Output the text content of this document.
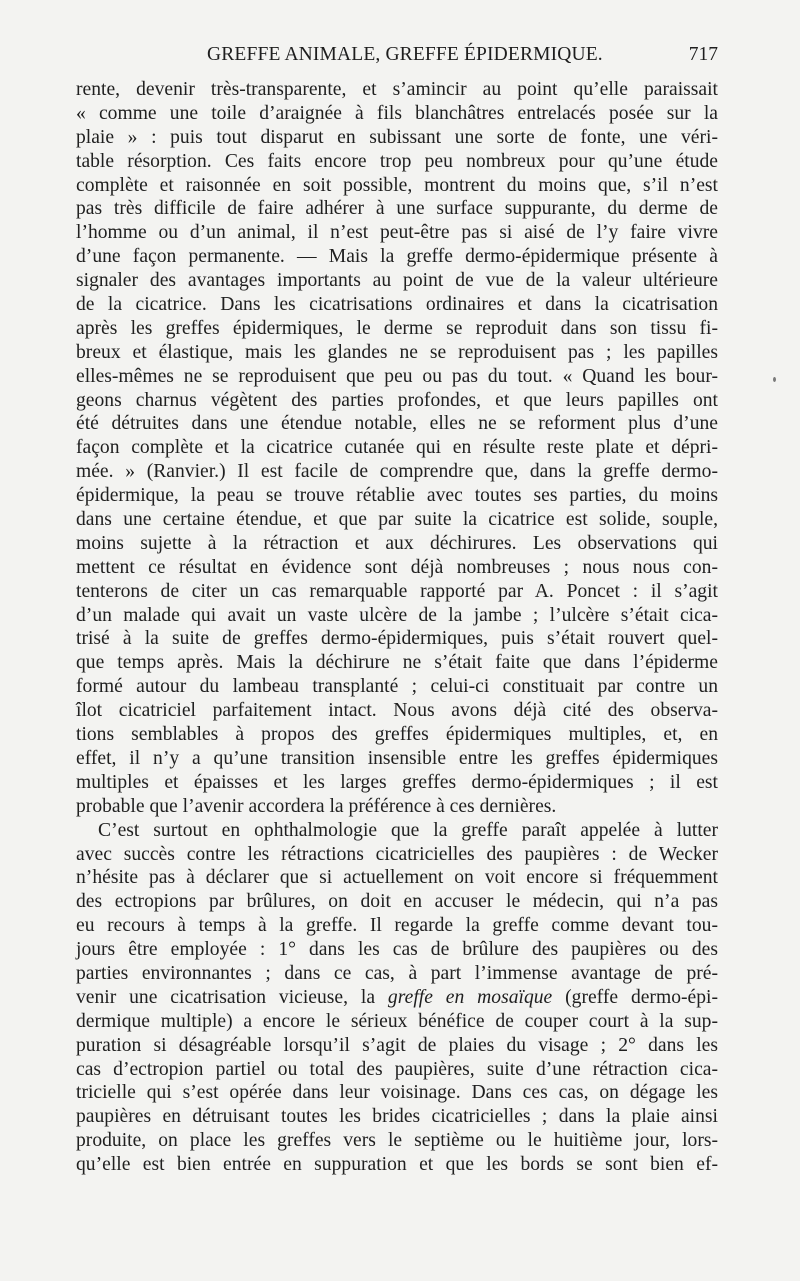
GREFFE ANIMALE, GREFFE ÉPIDERMIQUE.	717
rente, devenir très-transparente, et s’amincir au point qu’elle paraissait
« comme une toile d’araignée à fils blanchâtres entrelacés posée sur la
plaie » : puis tout disparut en subissant une sorte de fonte, une véri-
table résorption. Ces faits encore trop peu nombreux pour qu’une étude
complète et raisonnée en soit possible, montrent du moins que, s’il n’est
pas très difficile de faire adhérer à une surface suppurante, du derme de
l’homme ou d’un animal, il n’est peut-être pas si aisé de l’y faire vivre
d’une façon permanente. — Mais la greffe dermo-épidermique présente à
signaler des avantages importants au point de vue de la valeur ultérieure
de la cicatrice. Dans les cicatrisations ordinaires et dans la cicatrisation
après les greffes épidermiques, le derme se reproduit dans son tissu fi-
breux et élastique, mais les glandes ne se reproduisent pas ; les papilles
elles-mêmes ne se reproduisent que peu ou pas du tout. « Quand les bour-
geons charnus végètent des parties profondes, et que leurs papilles ont
été détruites dans une étendue notable, elles ne se reforment plus d’une
façon complète et la cicatrice cutanée qui en résulte reste plate et dépri-
mée. » (Ranvier.) Il est facile de comprendre que, dans la greffe dermo-
épidermique, la peau se trouve rétablie avec toutes ses parties, du moins
dans une certaine étendue, et que par suite la cicatrice est solide, souple,
moins sujette à la rétraction et aux déchirures. Les observations qui
mettent ce résultat en évidence sont déjà nombreuses ; nous nous con-
tenterons de citer un cas remarquable rapporté par A. Poncet : il s’agit
d’un malade qui avait un vaste ulcère de la jambe ; l’ulcère s’était cica-
trisé à la suite de greffes dermo-épidermiques, puis s’était rouvert quel-
que temps après. Mais la déchirure ne s’était faite que dans l’épiderme
formé autour du lambeau transplanté ; celui-ci constituait par contre un
îlot cicatriciel parfaitement intact. Nous avons déjà cité des observa-
tions semblables à propos des greffes épidermiques multiples, et, en
effet, il n’y a qu’une transition insensible entre les greffes épidermiques
multiples et épaisses et les larges greffes dermo-épidermiques ; il est
probable que l’avenir accordera la préférence à ces dernières.
C’est surtout en ophthalmologie que la greffe paraît appelée à lutter
avec succès contre les rétractions cicatricielles des paupières : de Wecker
n’hésite pas à déclarer que si actuellement on voit encore si fréquemment
des ectropions par brûlures, on doit en accuser le médecin, qui n’a pas
eu recours à temps à la greffe. Il regarde la greffe comme devant tou-
jours être employée : 1° dans les cas de brûlure des paupières ou des
parties environnantes ; dans ce cas, à part l’immense avantage de pré-
venir une cicatrisation vicieuse, la greffe en mosaïque (greffe dermo-épi-
dermique multiple) a encore le sérieux bénéfice de couper court à la sup-
puration si désagréable lorsqu’il s’agit de plaies du visage ; 2° dans les
cas d’ectropion partiel ou total des paupières, suite d’une rétraction cica-
tricielle qui s’est opérée dans leur voisinage. Dans ces cas, on dégage les
paupières en détruisant toutes les brides cicatricielles ; dans la plaie ainsi
produite, on place les greffes vers le septième ou le huitième jour, lors-
qu’elle est bien entrée en suppuration et que les bords se sont bien ef-
